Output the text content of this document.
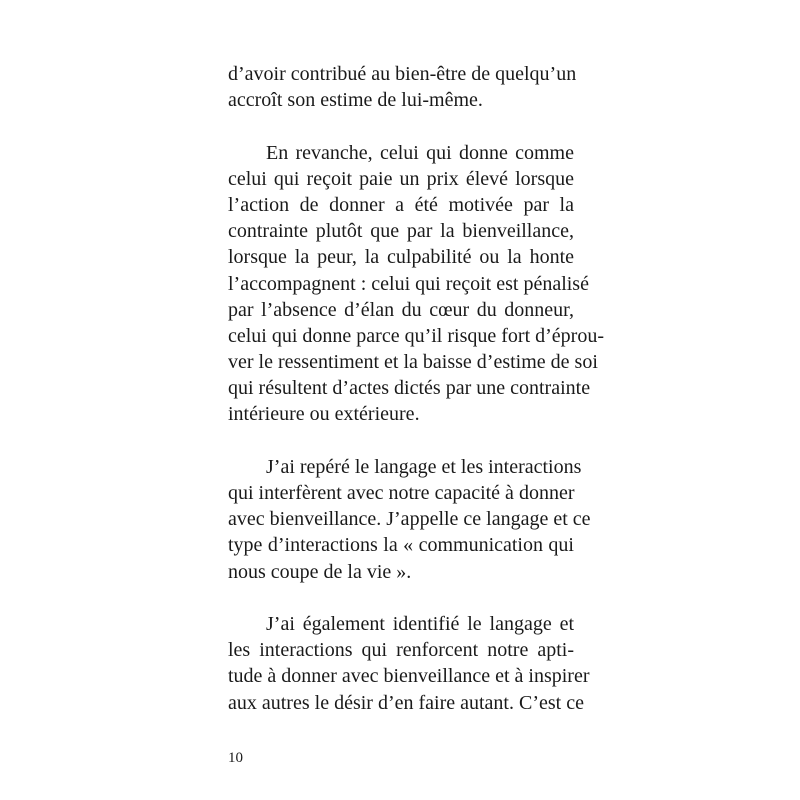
d’avoir contribué au bien-être de quelqu’un
accroît son estime de lui-même.
En revanche, celui qui donne comme
celui qui reçoit paie un prix élevé lorsque
l’action de donner a été motivée par la
contrainte plutôt que par la bienveillance,
lorsque la peur, la culpabilité ou la honte
l’accompagnent : celui qui reçoit est pénalisé
par l’absence d’élan du cœur du donneur,
celui qui donne parce qu’il risque fort d’éprou-
ver le ressentiment et la baisse d’estime de soi
qui résultent d’actes dictés par une contrainte
intérieure ou extérieure.
J’ai repéré le langage et les interactions
qui interfèrent avec notre capacité à donner
avec bienveillance. J’appelle ce langage et ce
type d’interactions la « communication qui
nous coupe de la vie ».
J’ai également identifié le langage et
les interactions qui renforcent notre apti-
tude à donner avec bienveillance et à inspirer
aux autres le désir d’en faire autant. C’est ce
10
